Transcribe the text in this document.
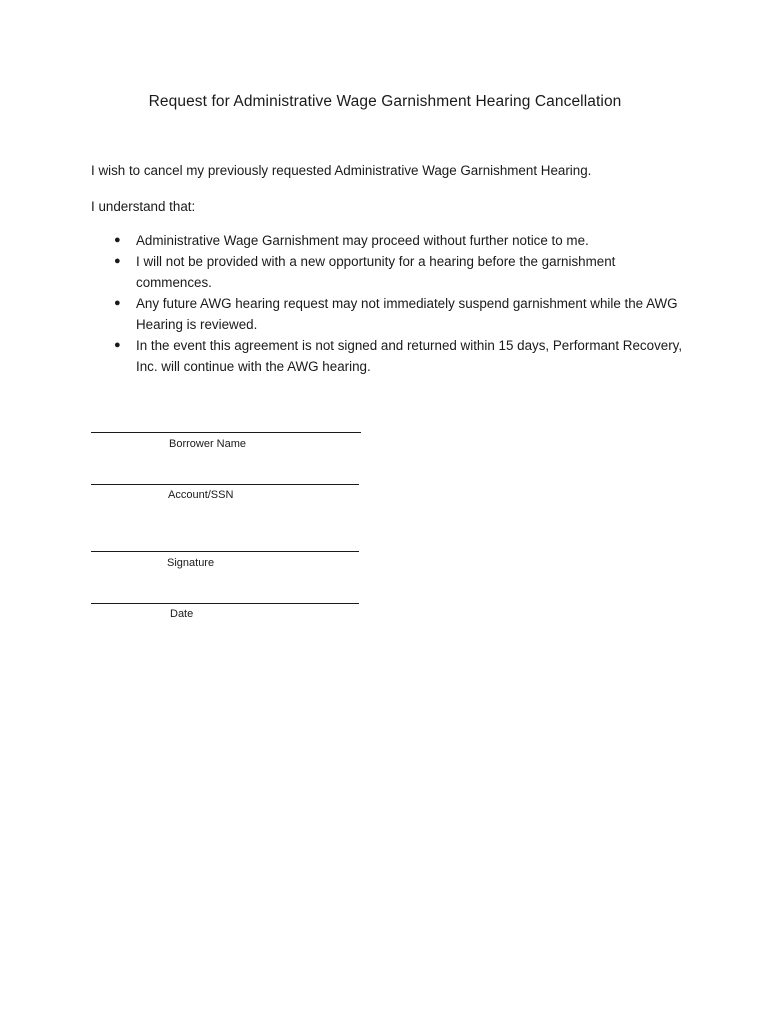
Request for Administrative Wage Garnishment Hearing Cancellation
I wish to cancel my previously requested Administrative Wage Garnishment Hearing.
I understand that:
● Administrative Wage Garnishment may proceed without further notice to me.
● I will not be provided with a new opportunity for a hearing before the garnishment commences.
● Any future AWG hearing request may not immediately suspend garnishment while the AWG Hearing is reviewed.
● In the event this agreement is not signed and returned within 15 days, Performant Recovery, Inc. will continue with the AWG hearing.
Borrower Name
Account/SSN
Signature
Date
